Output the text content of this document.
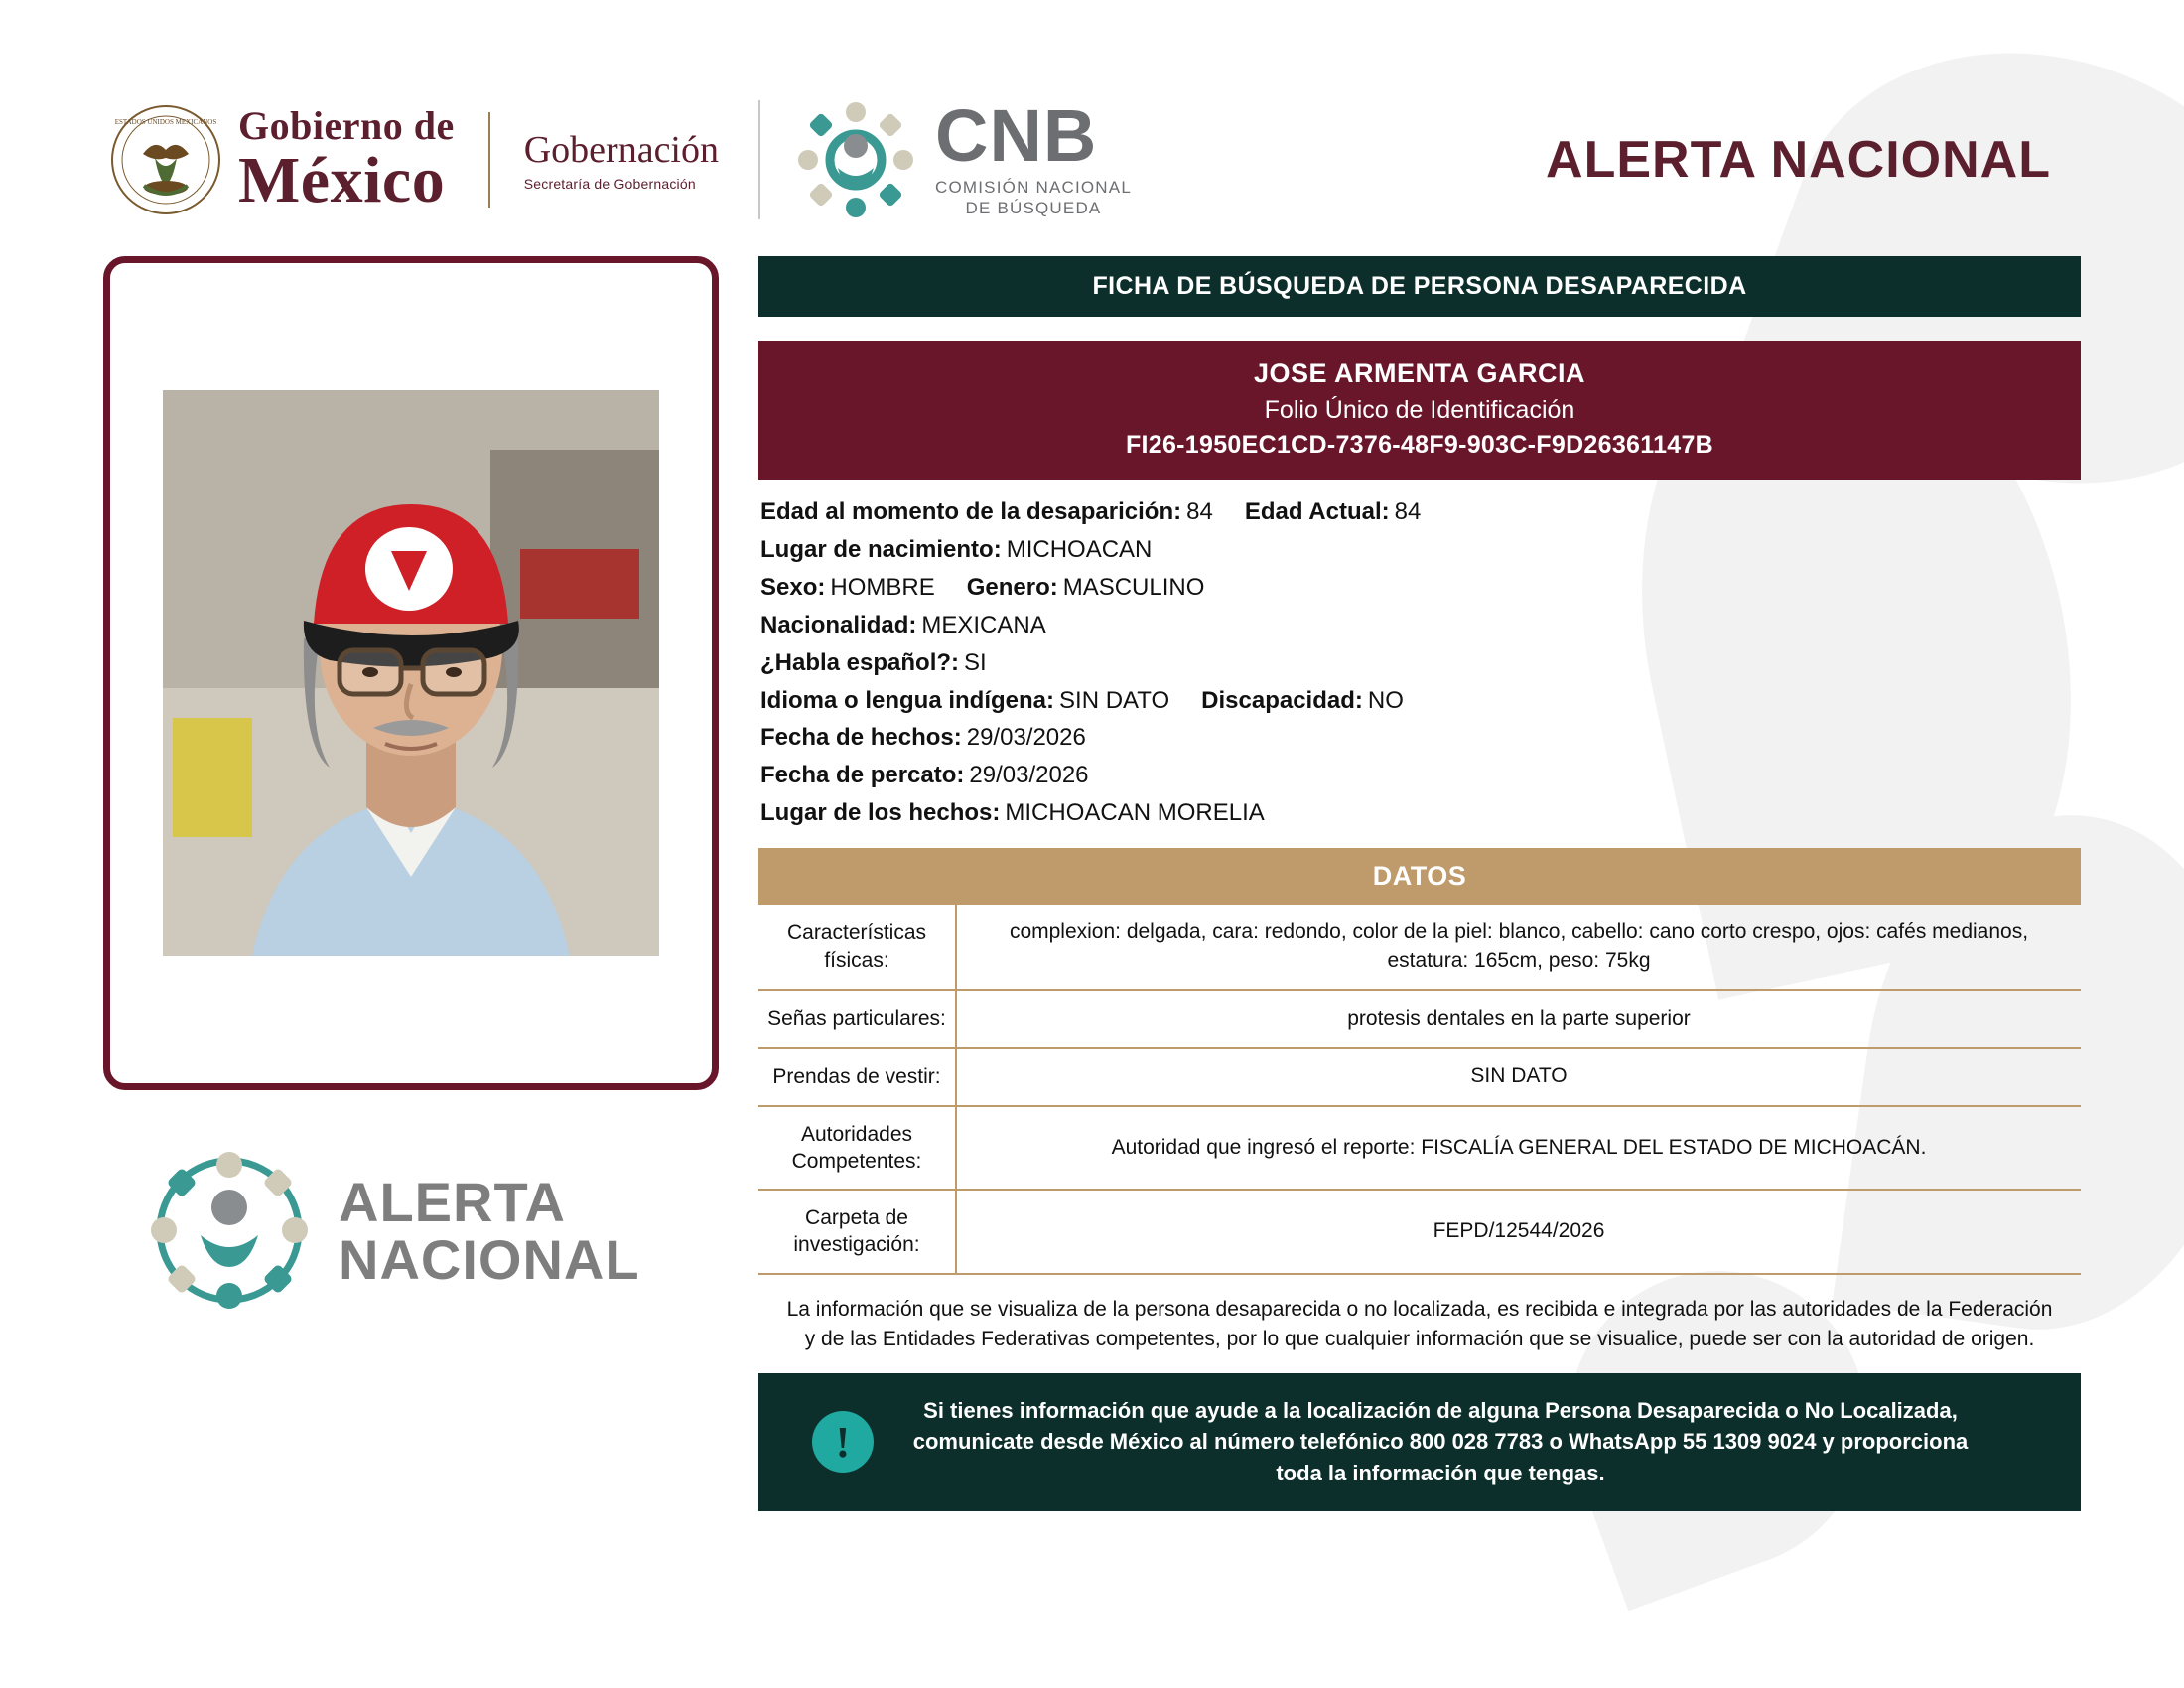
ESTADOS UNIDOS MEXICANOS Gobierno de
México Gobernación
Secretaría de Gobernación
CNB
COMISIÓN NACIONAL
DE BÚSQUEDA
ALERTA NACIONAL
ALERTA
NACIONAL
FICHA DE BÚSQUEDA DE PERSONA DESAPARECIDA
JOSE ARMENTA GARCIA
Folio Único de Identificación
FI26-1950EC1CD-7376-48F9-903C-F9D26361147B
Edad al momento de la desaparición: 84 Edad Actual: 84
Lugar de nacimiento: MICHOACAN
Sexo: HOMBRE Genero: MASCULINO
Nacionalidad: MEXICANA
¿Habla español?: SI
Idioma o lengua indígena: SIN DATO Discapacidad: NO
Fecha de hechos: 29/03/2026
Fecha de percato: 29/03/2026
Lugar de los hechos: MICHOACAN MORELIA
DATOS
Características físicas:	complexion: delgada, cara: redondo, color de la piel: blanco, cabello: cano corto crespo, ojos: cafés medianos, estatura: 165cm, peso: 75kg
Señas particulares:	protesis dentales en la parte superior
Prendas de vestir:	SIN DATO
Autoridades Competentes:	Autoridad que ingresó el reporte: FISCALÍA GENERAL DEL ESTADO DE MICHOACÁN.
Carpeta de investigación:	FEPD/12544/2026
La información que se visualiza de la persona desaparecida o no localizada, es recibida e integrada por las autoridades de la Federación y de las Entidades Federativas competentes, por lo que cualquier información que se visualice, puede ser con la autoridad de origen.
!
Si tienes información que ayude a la localización de alguna Persona Desaparecida o No Localizada, comunicate desde México al número telefónico 800 028 7783 o WhatsApp 55 1309 9024 y proporciona toda la información que tengas.
